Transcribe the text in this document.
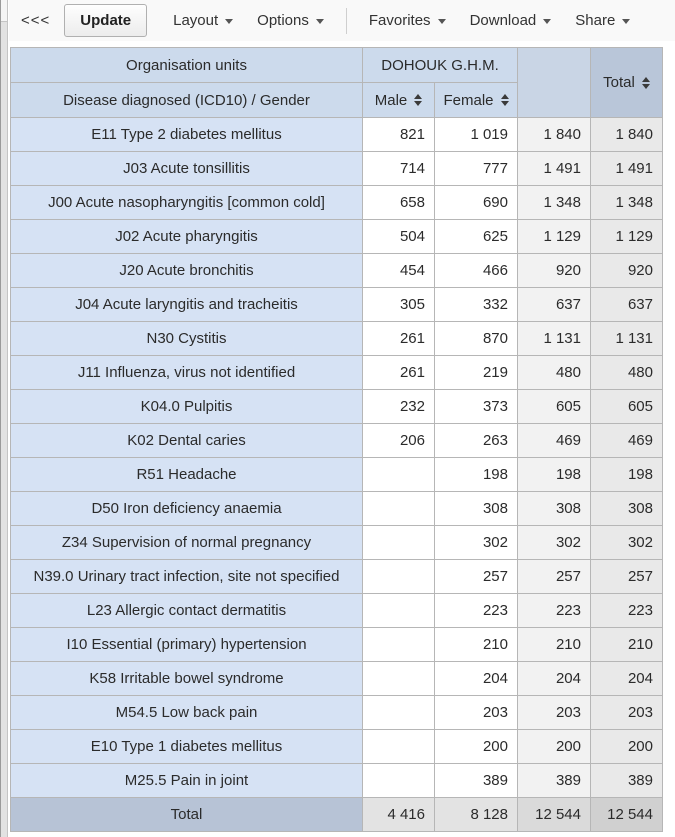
<<<	Update	Layout	Options	Favorites	Download	Share
Organisation units	DOHOUK G.H.M.			Total

Disease diagnosed (ICD10) / Gender	Male	Female		

E11 Type 2 diabetes mellitus	821	1 019	1 840	1 840
J03 Acute tonsillitis	714	777	1 491	1 491
J00 Acute nasopharyngitis [common cold]	658	690	1 348	1 348
J02 Acute pharyngitis	504	625	1 129	1 129
J20 Acute bronchitis	454	466	920	920
J04 Acute laryngitis and tracheitis	305	332	637	637
N30 Cystitis	261	870	1 131	1 131
J11 Influenza, virus not identified	261	219	480	480
K04.0 Pulpitis	232	373	605	605
K02 Dental caries	206	263	469	469
R51 Headache		198	198	198
D50 Iron deficiency anaemia		308	308	308
Z34 Supervision of normal pregnancy		302	302	302
N39.0 Urinary tract infection, site not specified		257	257	257
L23 Allergic contact dermatitis		223	223	223
I10 Essential (primary) hypertension		210	210	210
K58 Irritable bowel syndrome		204	204	204
M54.5 Low back pain		203	203	203
E10 Type 1 diabetes mellitus		200	200	200
M25.5 Pain in joint		389	389	389
Total	4 416	8 128	12 544	12 544
